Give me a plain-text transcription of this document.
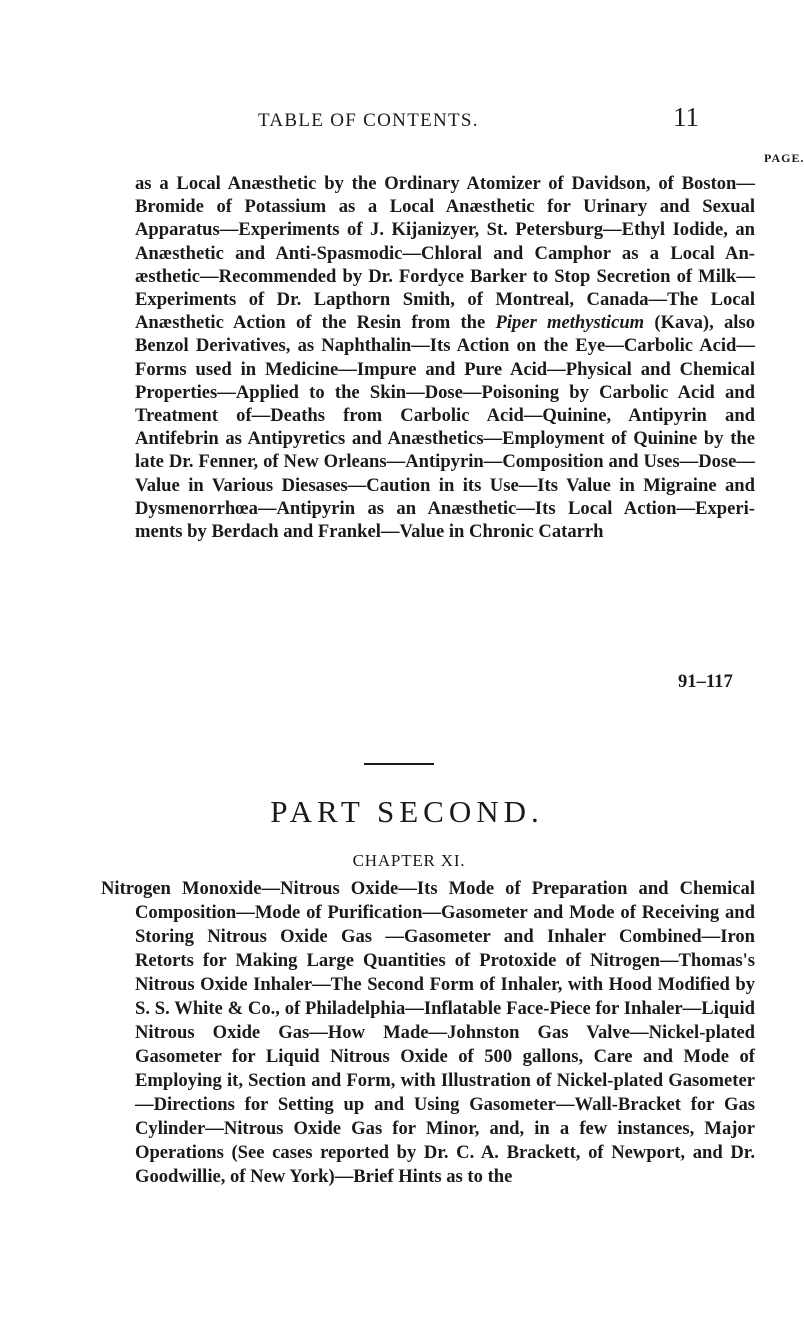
TABLE OF CONTENTS.	11
PAGE.

as a Local Anæsthetic by the Ordinary Atomizer of Davidson, of Boston—Bromide of Potassium as a Local Anæsthetic for Urinary and Sexual Apparatus—Experiments of J. Kijanizyer, St. Petersburg—Ethyl Iodide, an Anæsthetic and Anti-Spasmodic—Chloral and Camphor as a Local Anæsthetic—Recommended by Dr. Fordyce Barker to Stop Secretion of Milk—Experiments of Dr. Lapthorn Smith, of Montreal, Canada—The Local Anæsthetic Action of the Resin from the Piper methysticum (Kava), also Benzol Derivatives, as Naphthalin—Its Action on the Eye—Carbolic Acid—Forms used in Medicine—Impure and Pure Acid—Physical and Chemical Properties—Applied to the Skin—Dose—Poisoning by Carbolic Acid and Treatment of—Deaths from Carbolic Acid—Quinine, Antipyrin and Antifebrin as Antipyretics and Anæsthetics—Employment of Quinine by the late Dr. Fenner, of New Orleans—Antipyrin—Composition and Uses—Dose—Value in Various Diesases—Caution in its Use—Its Value in Migraine and Dysmenorrhœa—Antipyrin as an Anæsthetic—Its Local Action—Experiments by Berdach and Frankel—Value in Chronic Catarrh

91–117
PART SECOND.
CHAPTER XI.

Nitrogen Monoxide—Nitrous Oxide—Its Mode of Preparation and Chemical Composition—Mode of Purification—Gasometer and Mode of Receiving and Storing Nitrous Oxide Gas —Gasometer and Inhaler Combined—Iron Retorts for Making Large Quantities of Protoxide of Nitrogen—Thomas's Nitrous Oxide Inhaler—The Second Form of Inhaler, with Hood Modified by S. S. White & Co., of Philadelphia—Inflatable Face-Piece for Inhaler—Liquid Nitrous Oxide Gas—How Made—Johnston Gas Valve—Nickel-plated Gasometer for Liquid Nitrous Oxide of 500 gallons, Care and Mode of Employing it, Section and Form, with Illustration of Nickel-plated Gasometer—Directions for Setting up and Using Gasometer—Wall-Bracket for Gas Cylinder—Nitrous Oxide Gas for Minor, and, in a few instances, Major Operations (See cases reported by Dr. C. A. Brackett, of Newport, and Dr. Goodwillie, of New York)—Brief Hints as to the
